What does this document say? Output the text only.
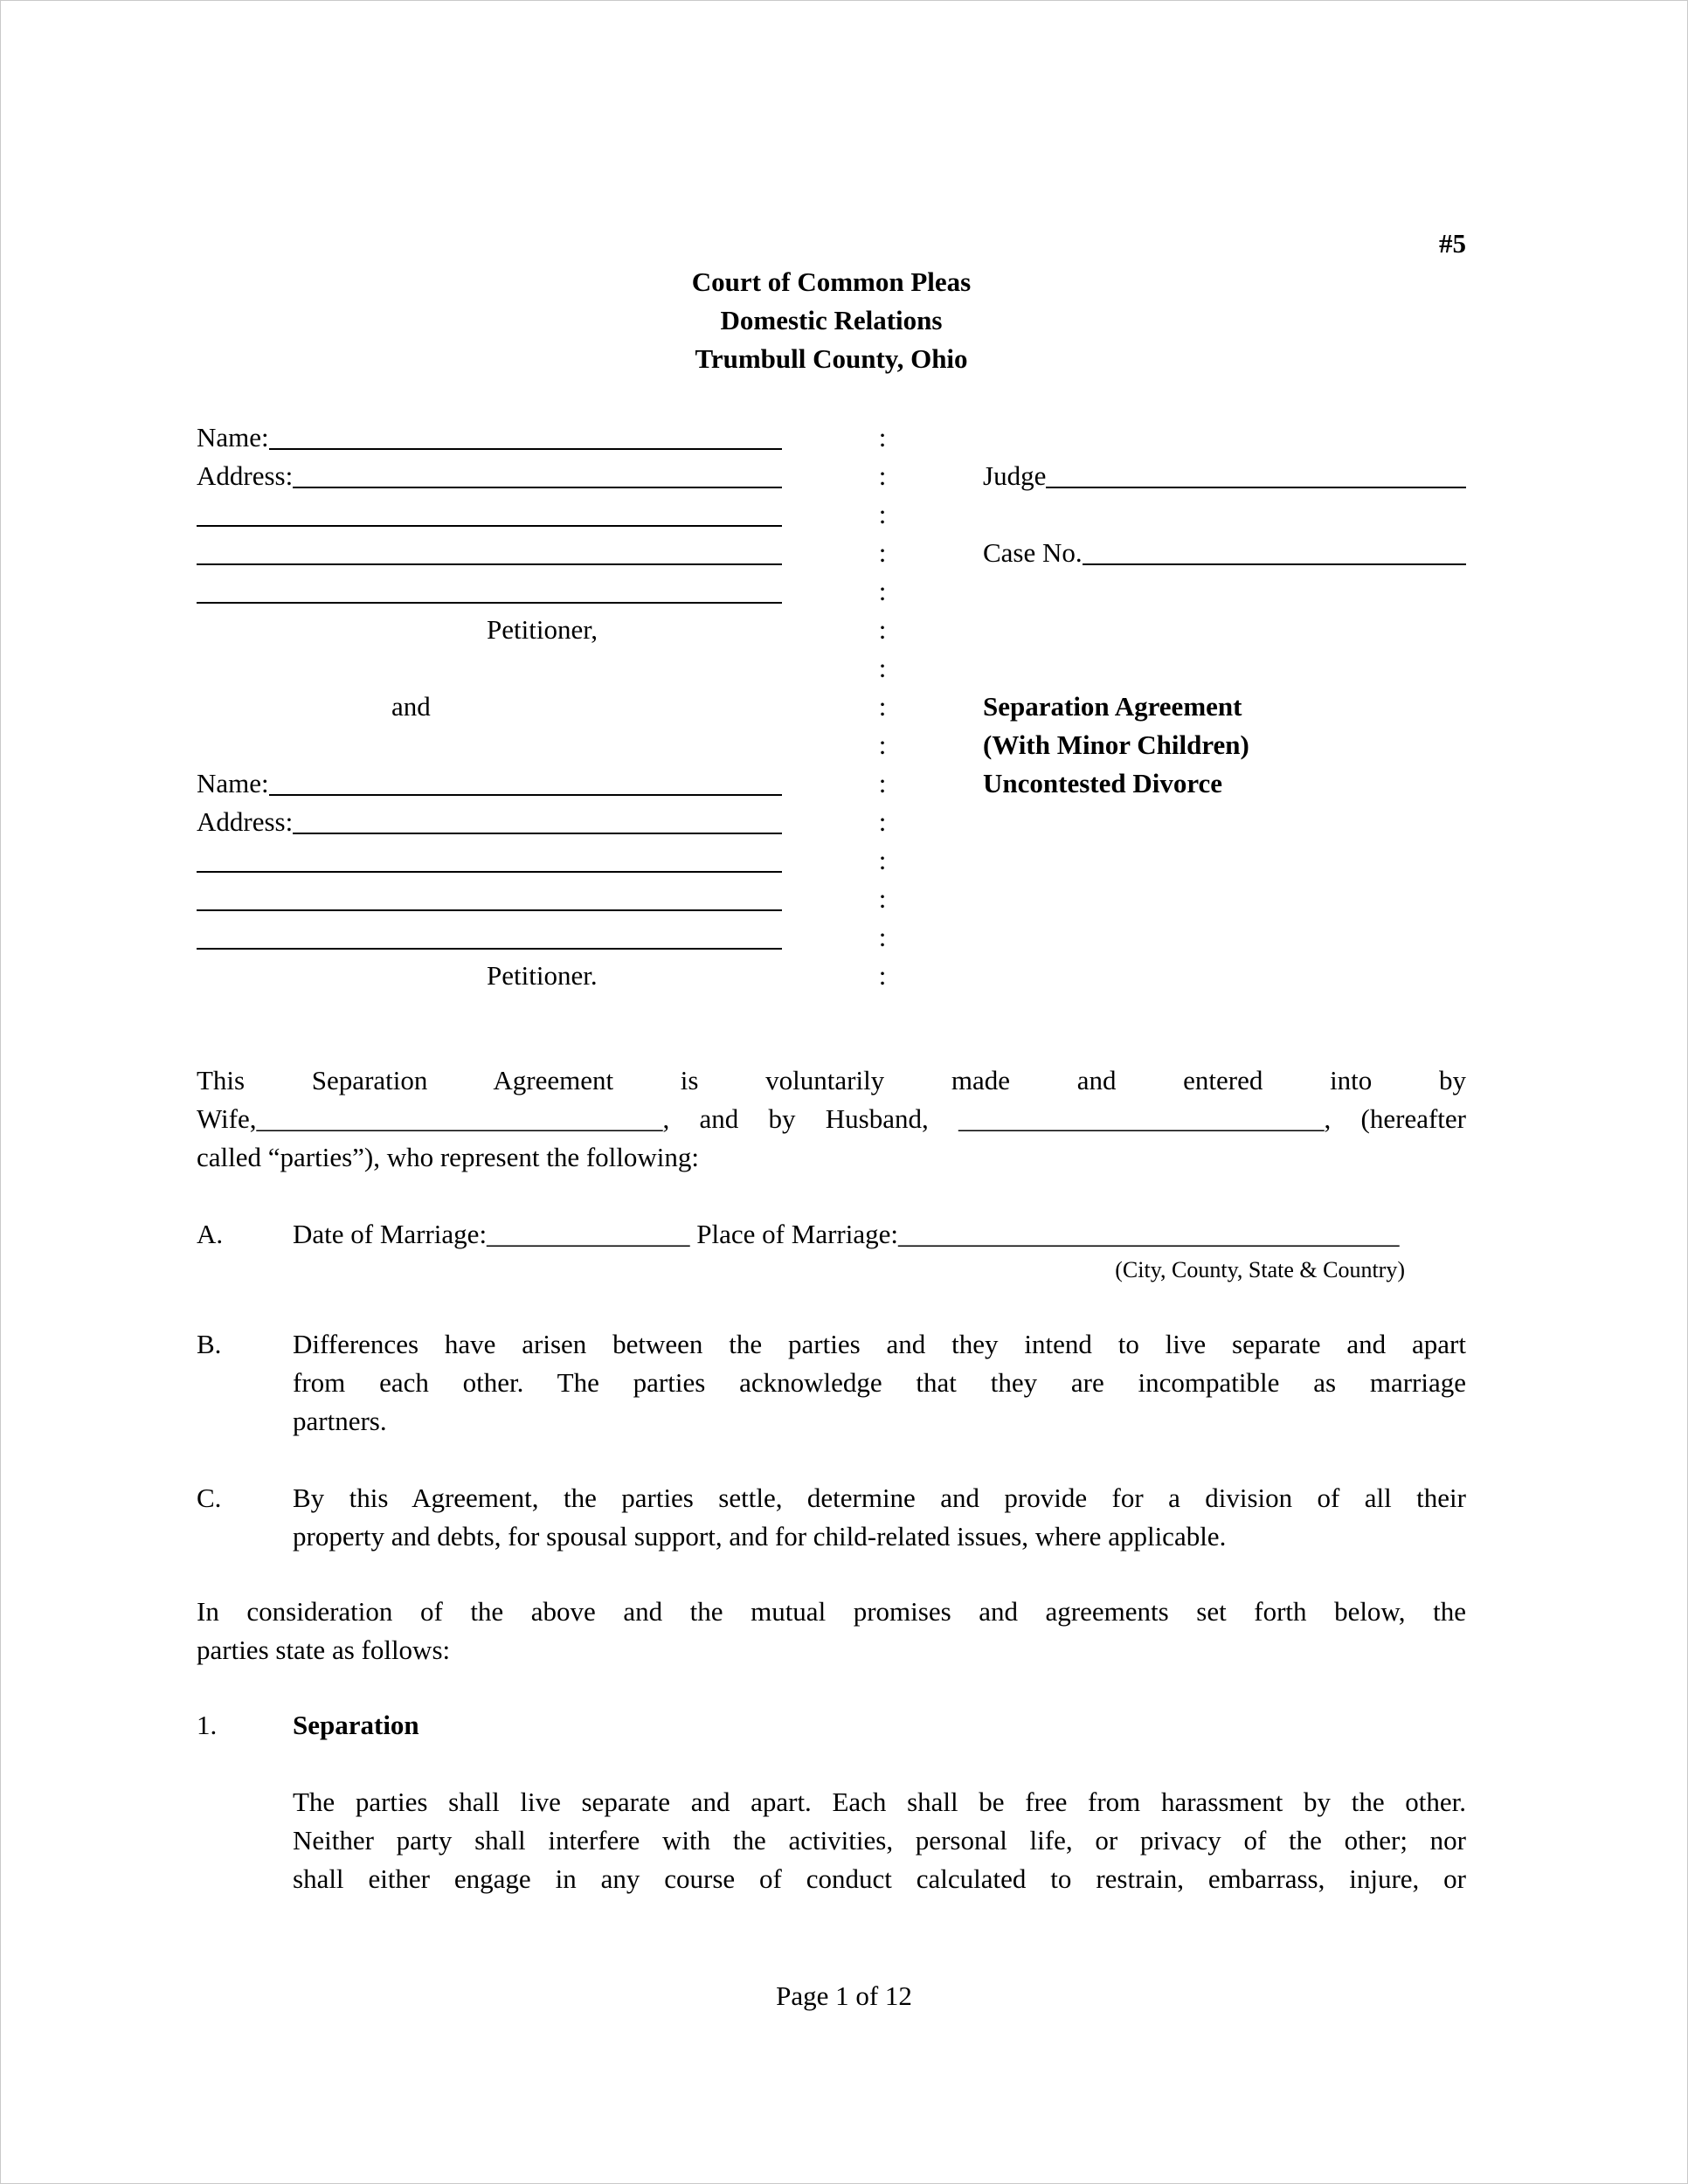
#5
Court of Common Pleas
Domestic Relations
Trumbull County, Ohio
Name:	:
Address:	:	Judge
:
:	Case No.
:
Petitioner,	:
:
and	:	Separation Agreement
:	(With Minor Children)
Name:	:	Uncontested Divorce
Address:	:
:
:
:
Petitioner.	:
This Separation Agreement is voluntarily made and entered into by
Wife,______________________________, and by Husband, ___________________________, (hereafter
called “parties”), who represent the following:
A.	Date of Marriage:_______________ Place of Marriage:_____________________________________
(City, County, State & Country)
B.	Differences have arisen between the parties and they intend to live separate and apart
from each other. The parties acknowledge that they are incompatible as marriage
partners.
C.	By this Agreement, the parties settle, determine and provide for a division of all their
property and debts, for spousal support, and for child-related issues, where applicable.
In consideration of the above and the mutual promises and agreements set forth below, the
parties state as follows:
1.	Separation
The parties shall live separate and apart. Each shall be free from harassment by the other.
Neither party shall interfere with the activities, personal life, or privacy of the other; nor
shall either engage in any course of conduct calculated to restrain, embarrass, injure, or
Page 1 of 12
